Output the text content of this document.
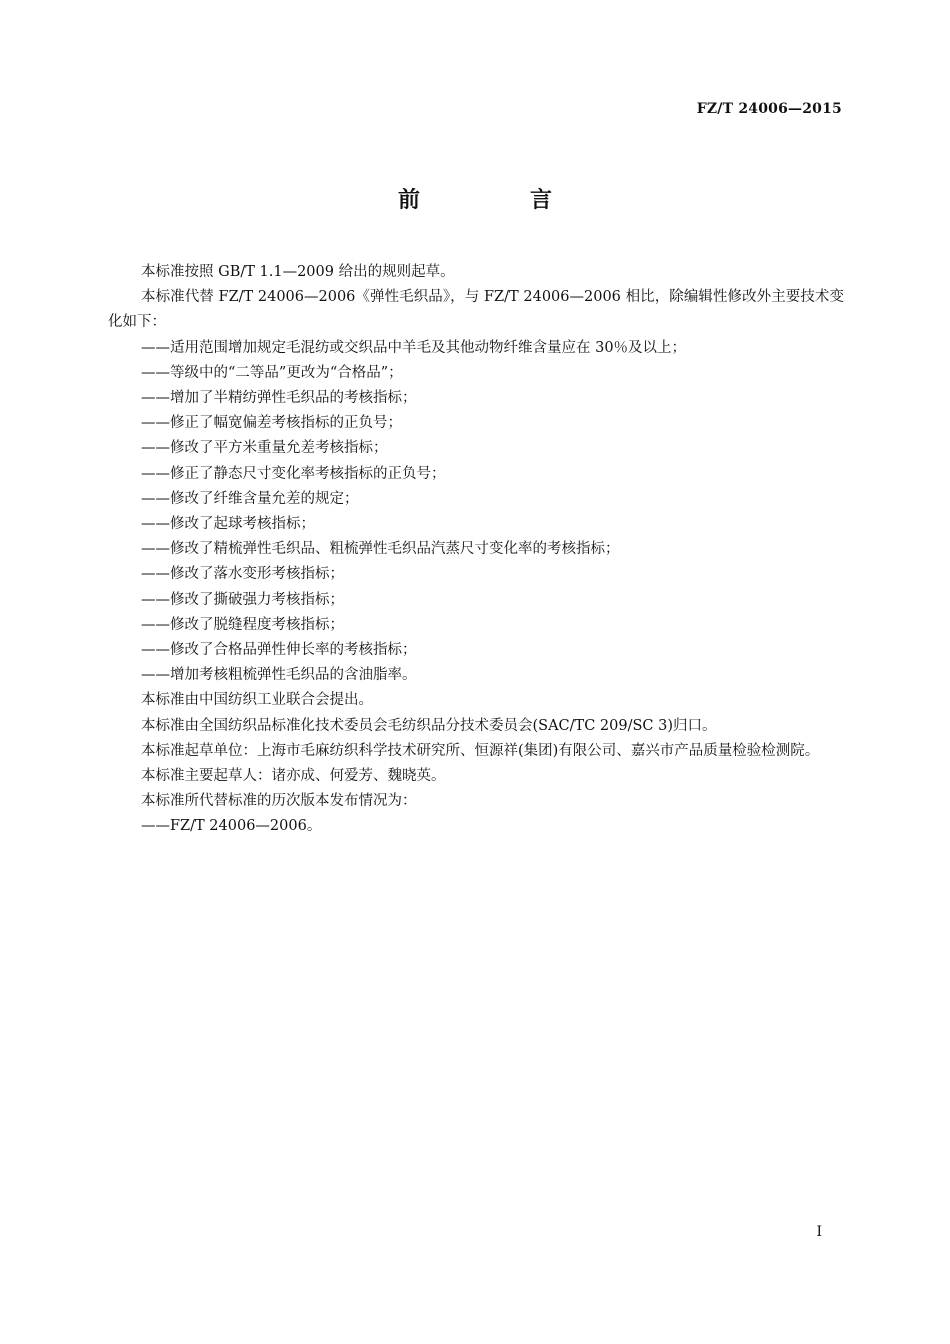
FZ/T 24006—2015
前　言

本标准按照 GB/T 1.1—2009 给出的规则起草。

本标准代替 FZ/T 24006—2006《弹性毛织品》，与 FZ/T 24006—2006 相比，除编辑性修改外主要技术变化如下：

——适用范围增加规定毛混纺或交织品中羊毛及其他动物纤维含量应在 30％及以上；

——等级中的“二等品”更改为“合格品”；

——增加了半精纺弹性毛织品的考核指标；

——修正了幅宽偏差考核指标的正负号；

——修改了平方米重量允差考核指标；

——修正了静态尺寸变化率考核指标的正负号；

——修改了纤维含量允差的规定；

——修改了起球考核指标；

——修改了精梳弹性毛织品、粗梳弹性毛织品汽蒸尺寸变化率的考核指标；

——修改了落水变形考核指标；

——修改了撕破强力考核指标；

——修改了脱缝程度考核指标；

——修改了合格品弹性伸长率的考核指标；

——增加考核粗梳弹性毛织品的含油脂率。

本标准由中国纺织工业联合会提出。

本标准由全国纺织品标准化技术委员会毛纺织品分技术委员会(SAC/TC 209/SC 3)归口。

本标准起草单位：上海市毛麻纺织科学技术研究所、恒源祥(集团)有限公司、嘉兴市产品质量检验检测院。

本标准主要起草人：诸亦成、何爱芳、魏晓英。

本标准所代替标准的历次版本发布情况为：

——FZ/T 24006—2006。

I
